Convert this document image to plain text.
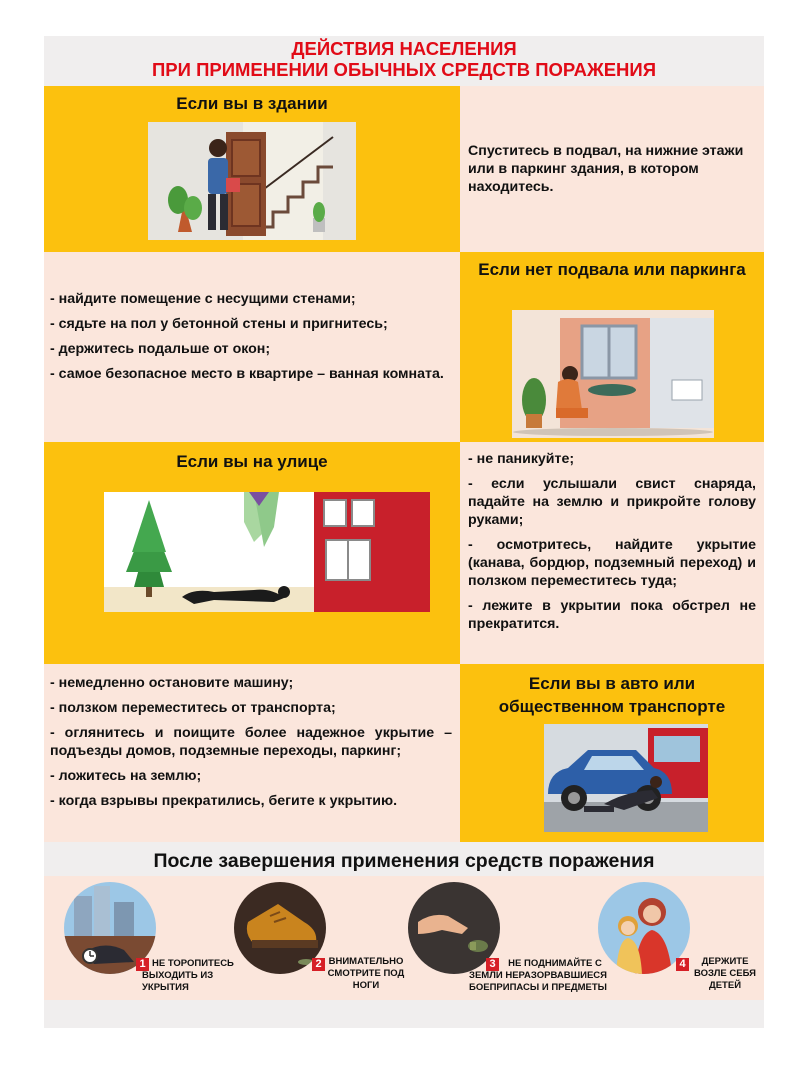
ДЕЙСТВИЯ НАСЕЛЕНИЯ
ПРИ ПРИМЕНЕНИИ ОБЫЧНЫХ СРЕДСТВ ПОРАЖЕНИЯ
Если вы в здании
Спуститесь в подвал, на нижние этажи или в паркинг здания, в котором находитесь.

- найдите помещение с несущими стенами;

- сядьте на пол у бетонной стены и пригнитесь;

- держитесь подальше от окон;

- самое безопасное место в квартире – ванная комната.

Если нет подвала или паркинга
Если вы на улице	- не паникуйте;

- если услышали свист снаряда, падайте на землю и прикройте голову руками;

- осмотритесь, найдите укрытие (канава, бордюр, подземный переход) и ползком переместитесь туда;

- лежите в укрытии пока обстрел не прекратится.

- немедленно остановите машину;

- ползком переместитесь от транспорта;

- оглянитесь и поищите более надежное укрытие – подъезды домов, подземные переходы, паркинг;

- ложитесь на землю;

- когда взрывы прекратились, бегите к укрытию.

Если вы в авто или общественном транспорте
После завершения применения средств поражения
1 НЕ ТОРОПИТЕСЬ ВЫХОДИТЬ ИЗ УКРЫТИЯ
2 ВНИМАТЕЛЬНО СМОТРИТЕ ПОД НОГИ
3	НЕ ПОДНИМАЙТЕ С ЗЕМЛИ НЕРАЗОРВАВШИЕСЯ БОЕПРИПАСЫ И ПРЕДМЕТЫ
4	ДЕРЖИТЕ ВОЗЛЕ СЕБЯ ДЕТЕЙ
